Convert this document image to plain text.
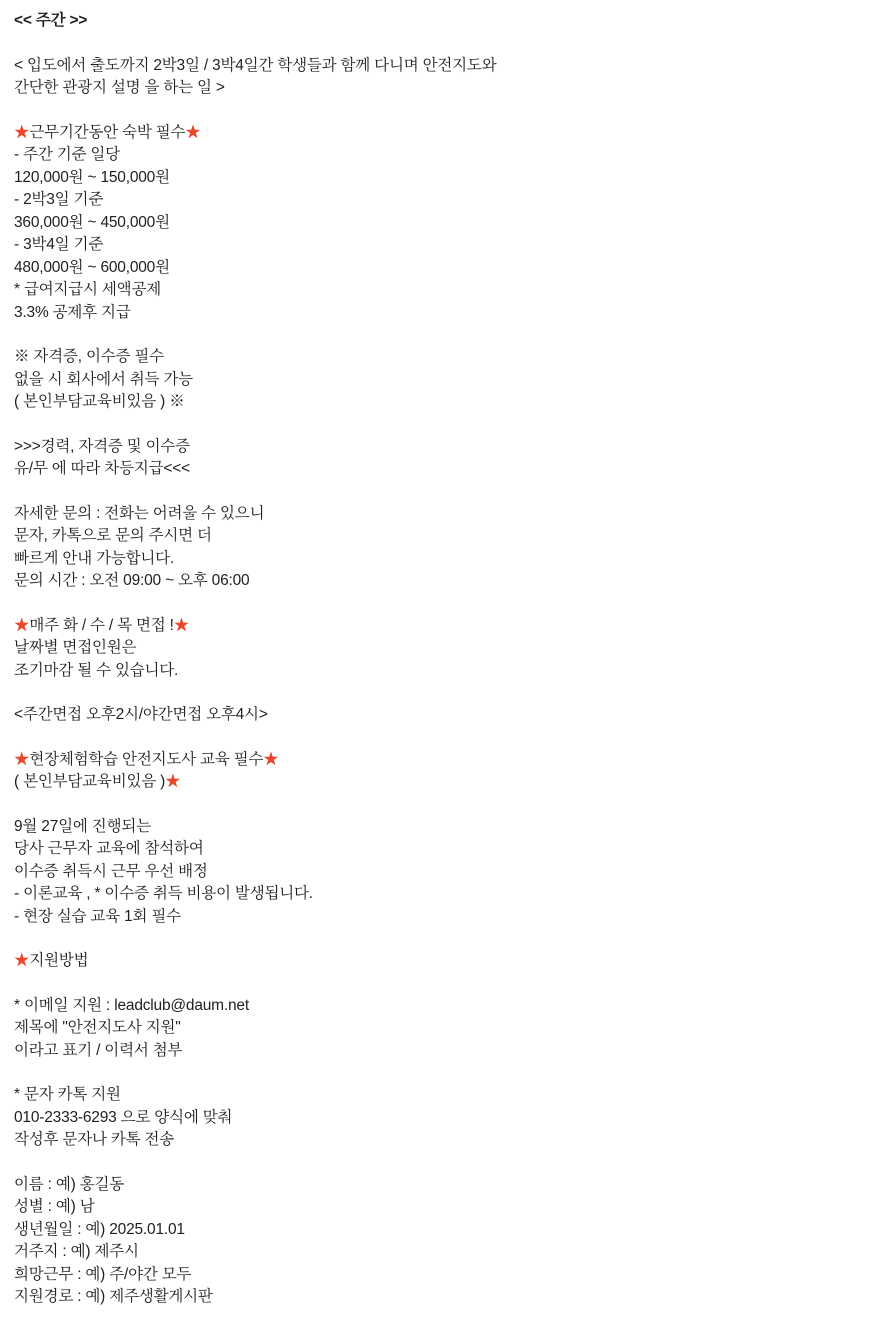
<< 주간 >>
< 입도에서 출도까지 2박3일 / 3박4일간 학생들과 함께 다니며 안전지도와
간단한 관광지 설명 을 하는 일 >
★근무기간동안 숙박 필수★
- 주간 기준 일당
120,000원 ~ 150,000원
- 2박3일 기준
360,000원 ~ 450,000원
- 3박4일 기준
480,000원 ~ 600,000원
* 급여지급시 세액공제
3.3% 공제후 지급
※ 자격증, 이수증 필수
없을 시 회사에서 취득 가능
( 본인부담교육비있음 ) ※
>>>경력, 자격증 및 이수증
유/무 에 따라 차등지급<<<
자세한 문의 : 전화는 어려울 수 있으니
문자, 카톡으로 문의 주시면 더
빠르게 안내 가능합니다.
문의 시간 : 오전 09:00 ~ 오후 06:00
★매주 화 / 수 / 목 면접 !★
날짜별 면접인원은
조기마감 될 수 있습니다.
<주간면접 오후2시/야간면접 오후4시>
★현장체험학습 안전지도사 교육 필수★
( 본인부담교육비있음 )★
9월 27일에 진행되는
당사 근무자 교육에 참석하여
이수증 취득시 근무 우선 배정
- 이론교육 , * 이수증 취득 비용이 발생됩니다.
- 현장 실습 교육 1회 필수
★지원방법
* 이메일 지원 : leadclub@daum.net
제목에 "안전지도사 지원"
이라고 표기 / 이력서 첨부
* 문자 카톡 지원
010-2333-6293 으로 양식에 맞춰
작성후 문자나 카톡 전송
이름 : 예) 홍길동
성별 : 예) 남
생년월일 : 예) 2025.01.01
거주지 : 예) 제주시
희망근무 : 예) 주/야간 모두
지원경로 : 예) 제주생활게시판
